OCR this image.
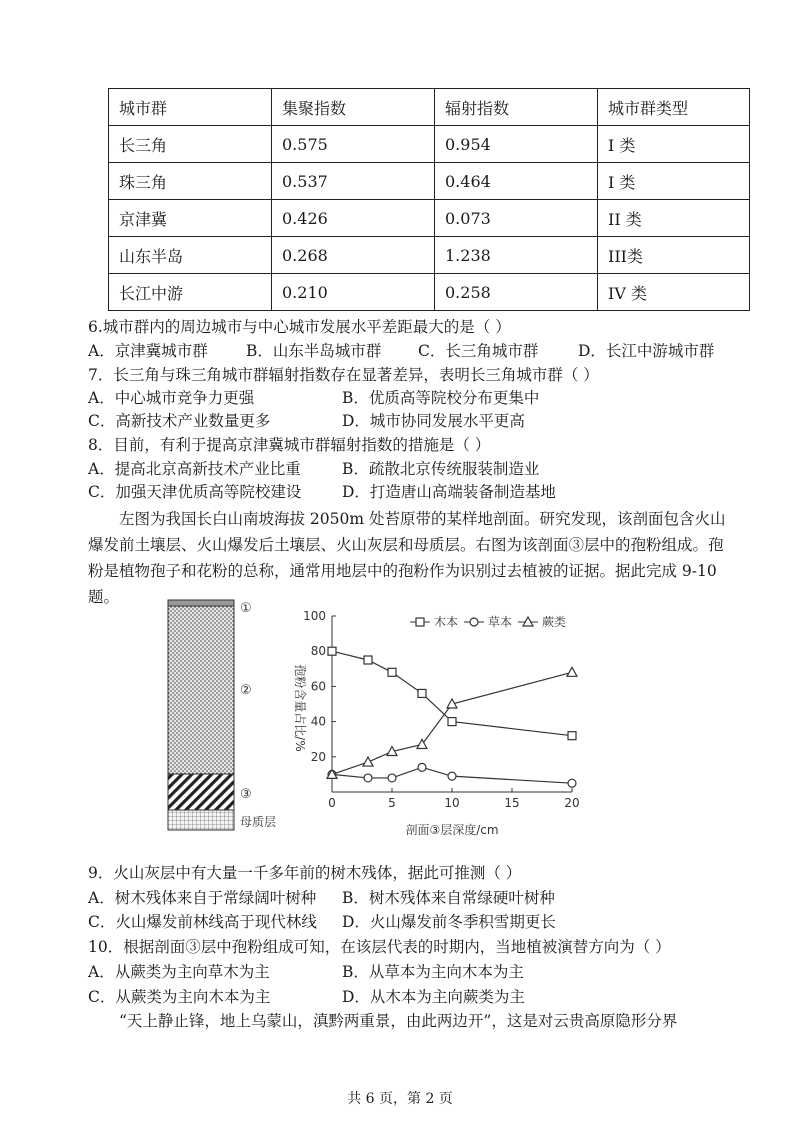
城市群	集聚指数	辐射指数	城市群类型
长三角	0.575	0.954	I 类
珠三角	0.537	0.464	I 类
京津冀	0.426	0.073	II 类
山东半岛	0.268	1.238	III类
长江中游	0.210	0.258	IV 类
6.城市群内的周边城市与中心城市发展水平差距最大的是（ ）
A．京津冀城市群 B．山东半岛城市群 C．长三角城市群	D．长江中游城市群
7．长三角与珠三角城市群辐射指数存在显著差异，表明长三角城市群（ ）
A．中心城市竞争力更强	B．优质高等院校分布更集中
C．高新技术产业数量更多	D．城市协同发展水平更高
8．目前，有利于提高京津冀城市群辐射指数的措施是（ ）
A．提高北京高新技术产业比重	B．疏散北京传统服装制造业
C．加强天津优质高等院校建设	D．打造唐山高端装备制造基地
左图为我国长白山南坡海拔 2050m 处苔原带的某样地剖面。研究发现，该剖面包含火山爆发前土壤层、火山爆发后土壤层、火山灰层和母质层。右图为该剖面③层中的孢粉组成。孢粉是植物孢子和花粉的总称，通常用地层中的孢粉作为识别过去植被的证据。据此完成 9-10 题。
①
②
③
母质层
0	5	10	15	20
20
40
60
80
100	木本 草本 蕨类
剖面③层深度/cm
孢粉含量占比/%
9．火山灰层中有大量一千多年前的树木残体，据此可推测（ ）
A．树木残体来自于常绿阔叶树种 B．树木残体来自常绿硬叶树种
C．火山爆发前林线高于现代林线 D．火山爆发前冬季积雪期更长
10．根据剖面③层中孢粉组成可知，在该层代表的时期内，当地植被演替方向为（ ）
A．从蕨类为主向草木为主	B．从草本为主向木本为主
C．从蕨类为主向木本为主	D．从木本为主向蕨类为主
“天上静止锋，地上乌蒙山，滇黔两重景，由此两边开”，这是对云贵高原隐形分界
共 6 页，第 2 页
